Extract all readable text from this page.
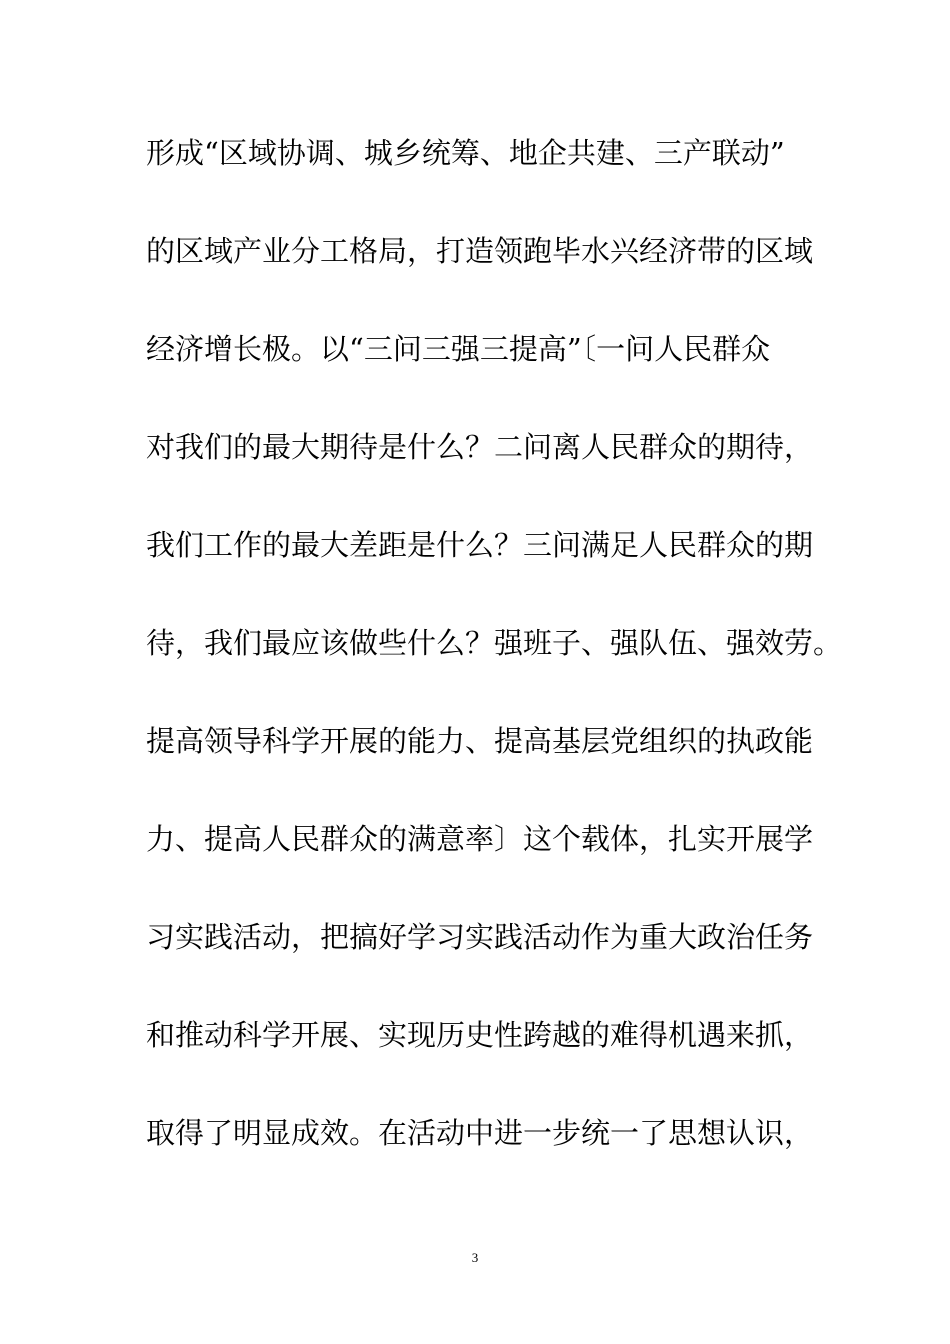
形成“区域协调、城乡统筹、地企共建、三产联动”
的区域产业分工格局，打造领跑毕水兴经济带的区域
经济增长极。以“三问三强三提高”〔一问人民群众
对我们的最大期待是什么？二问离人民群众的期待，
我们工作的最大差距是什么？三问满足人民群众的期
待，我们最应该做些什么？强班子、强队伍、强效劳。
提高领导科学开展的能力、提高基层党组织的执政能
力、提高人民群众的满意率〕这个载体，扎实开展学
习实践活动，把搞好学习实践活动作为重大政治任务
和推动科学开展、实现历史性跨越的难得机遇来抓，
取得了明显成效。在活动中进一步统一了思想认识，
3
